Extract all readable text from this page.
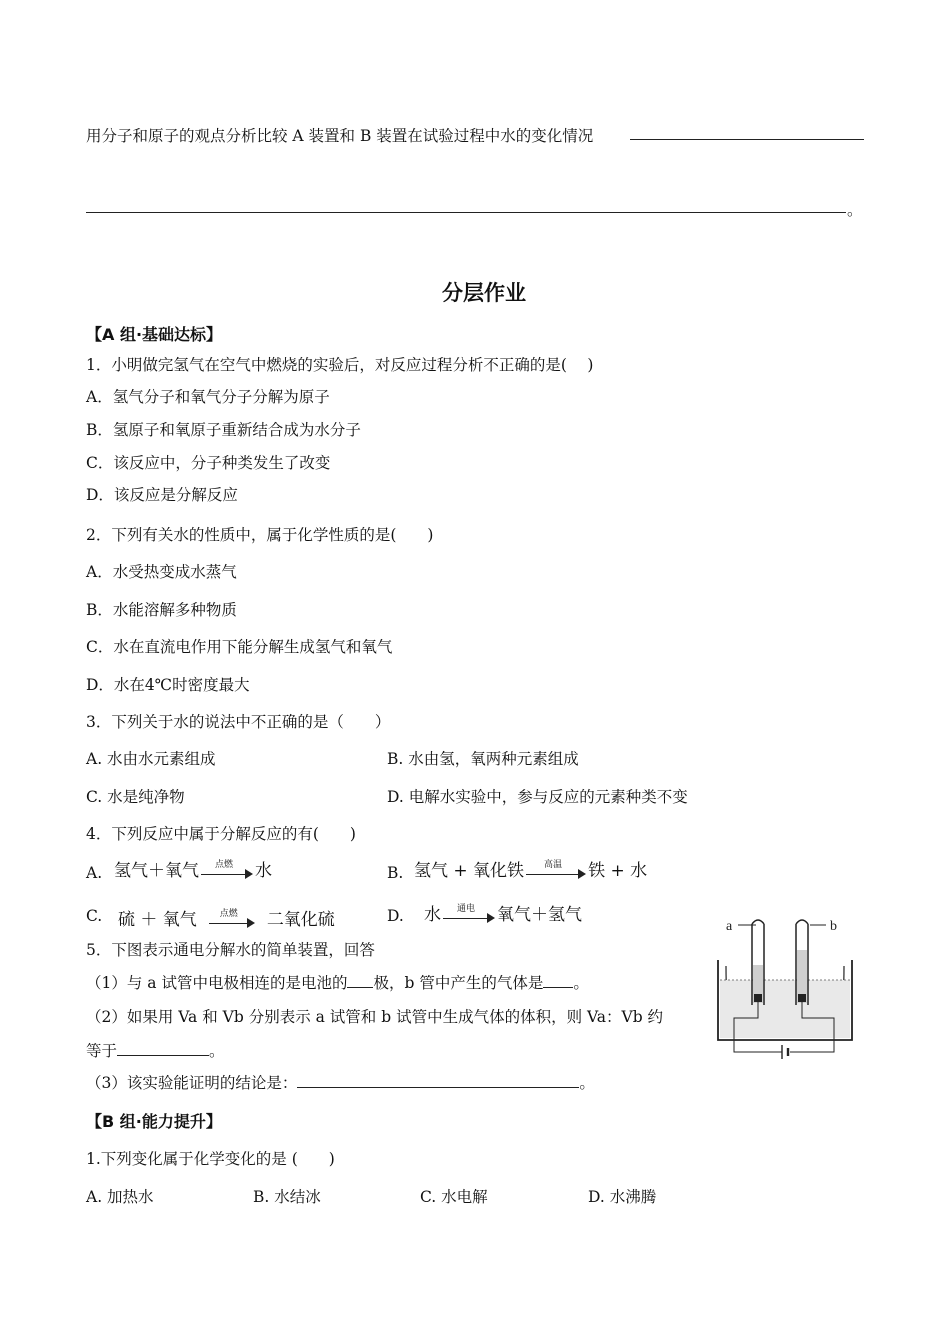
用分子和原子的观点分析比较 A 装置和 B 装置在试验过程中水的变化情况
。
分层作业
【A 组·基础达标】
1．小明做完氢气在空气中燃烧的实验后，对反应过程分析不正确的是(　 )
A．氢气分子和氧气分子分解为原子
B．氢原子和氧原子重新结合成为水分子
C．该反应中，分子种类发生了改变
D．该反应是分解反应
2．下列有关水的性质中，属于化学性质的是(　　)
A．水受热变成水蒸气
B．水能溶解多种物质
C．水在直流电作用下能分解生成氢气和氧气
D．水在4℃时密度最大
3．下列关于水的说法中不正确的是（　　）
A. 水由水元素组成	B. 水由氢，氧两种元素组成
C. 水是纯净物	D. 电解水实验中，参与反应的元素种类不变
4．下列反应中属于分解反应的有(　　)
A. 氢气＋氧气	点燃	水	B. 氢气 + 氧化铁	高温	铁 + 水
C. 硫 ＋ 氧气	点燃	二氧化硫	D. 水	通电	氧气＋氢气
5．下图表示通电分解水的简单装置，回答
（1）与 a 试管中电极相连的是电池的 极，b 管中产生的气体是 。
（2）如果用 Va 和 Vb 分别表示 a 试管和 b 试管中生成气体的体积，则 Va：Vb 约
等于	。
（3）该实验能证明的结论是：	。
a	b
【B 组·能力提升】
1.下列变化属于化学变化的是 (　　)
A. 加热水	B. 水结冰	C. 水电解	D. 水沸腾
